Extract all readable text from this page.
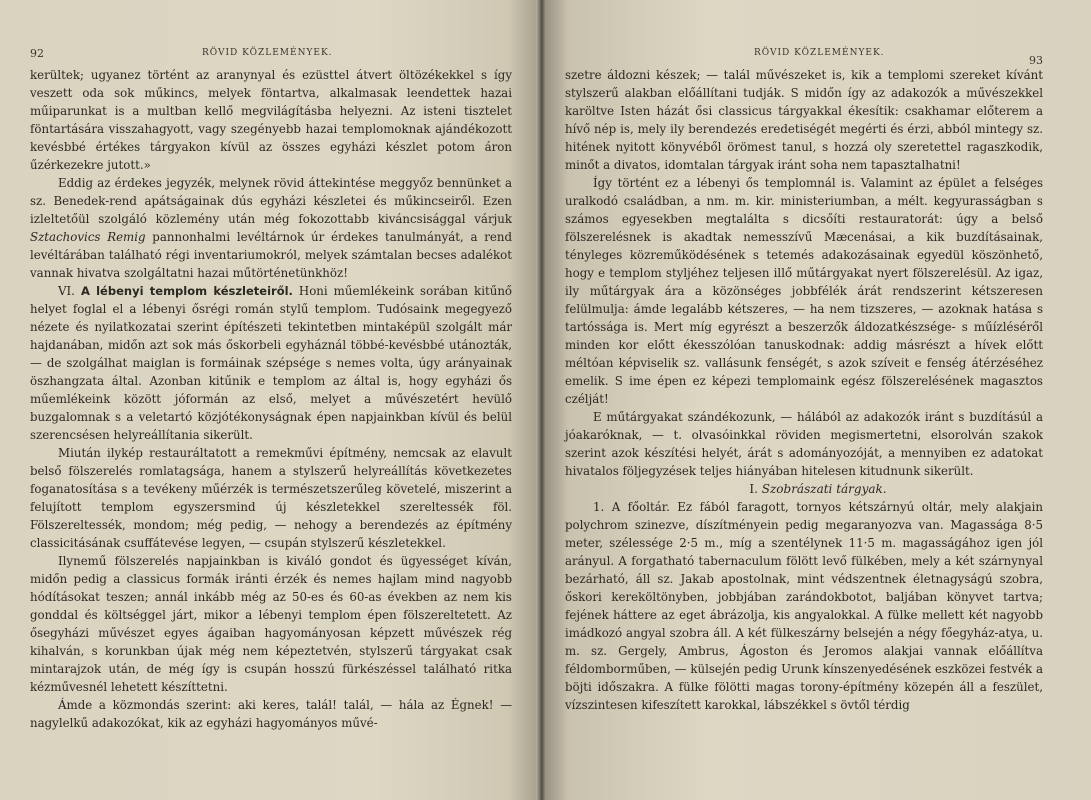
92	RÖVID KÖZLEMÉNYEK.	RÖVID KÖZLEMÉNYEK.
93

kerültek; ugyanez történt az aranynyal és ezüsttel átvert öltözékekkel s így veszett oda sok műkincs, melyek föntartva, alkalmasak leendettek hazai műiparunkat is a multban kellő megvilágításba helyezni. Az isteni tisztelet föntartására visszahagyott, vagy szegényebb hazai templomoknak ajándékozott kevésbbé értékes tárgyakon kívül az összes egyházi készlet potom áron űzérkezekre jutott.»

Eddig az érdekes jegyzék, melynek rövid áttekintése meggyőz bennünket a sz. Benedek-rend apátságainak dús egyházi készletei és műkincseiről. Ezen izleltetőül szolgáló közlemény után még fokozottabb kiváncsisággal várjuk Sztachovics Remig pannonhalmi levéltárnok úr érdekes tanulmányát, a rend levéltárában található régi inventariumokról, melyek számtalan becses adalékot vannak hivatva szolgáltatni hazai műtörténetünkhöz!

VI. A lébenyi templom készleteiről. Honi műemlékeink sorában kitűnő helyet foglal el a lébenyi ősrégi román stylű templom. Tudósaink megegyező nézete és nyilatkozatai szerint építészeti tekintetben mintaképül szolgált már hajdanában, midőn azt sok más őskorbeli egyháznál többé-kevésbbé utánozták, — de szolgálhat maiglan is formáinak szépsége s nemes volta, úgy arányainak öszhangzata által. Azonban kitűnik e templom az által is, hogy egyházi ős műemlékeink között jóformán az első, melyet a művészetért hevülő buzgalomnak s a veletartó közjótékonyságnak épen napjainkban kívül és belül szerencsésen helyreállítania sikerült.

Miután ilykép restauráltatott a remekművi építmény, nemcsak az elavult belső fölszerelés romlatagsága, hanem a stylszerű helyreállítás következetes foganatosítása s a tevékeny műérzék is természetszerűleg követelé, miszerint a felujított templom egyszersmind új készletekkel szereltessék föl. Fölszereltessék, mondom; még pedig, — nehogy a berendezés az építmény classicitásának csuffátevése legyen, — csupán stylszerű készletekkel.

Ilynemű fölszerelés napjainkban is kiváló gondot és ügyességet kíván, midőn pedig a classicus formák iránti érzék és nemes hajlam mind nagyobb hódításokat teszen; annál inkább még az 50-es és 60-as években az nem kis gonddal és költséggel járt, mikor a lébenyi templom épen fölszereltetett. Az ősegyházi művészet egyes ágaiban hagyományosan képzett művészek rég kihalván, s korunkban újak még nem képeztetvén, stylszerű tárgyakat csak mintarajzok után, de még így is csupán hosszú fürkészéssel található ritka kézművesnél lehetett készíttetni.

Ámde a közmondás szerint: aki keres, talál! talál, — hála az Égnek! — nagylelkű adakozókat, kik az egyházi hagyományos művé-

szetre áldozni készek; — talál művészeket is, kik a templomi szereket kívánt stylszerű alakban előállítani tudják. S midőn így az adakozók a művészekkel karöltve Isten házát ősi classicus tárgyakkal ékesítik: csakhamar előterem a hívő nép is, mely ily berendezés eredetiségét megérti és érzi, abból mintegy sz. hitének nyitott könyvéből örömest tanul, s hozzá oly szeretettel ragaszkodik, minőt a divatos, idomtalan tárgyak iránt soha nem tapasztalhatni!

Így történt ez a lébenyi ős templomnál is. Valamint az épület a felséges uralkodó családban, a nm. m. kir. ministeriumban, a mélt. kegyurasságban s számos egyesekben megtalálta s dicsőíti restauratorát: úgy a belső fölszerelésnek is akadtak nemesszívű Mæcenásai, a kik buzdításainak, tényleges közreműködésének s tetemés adakozásainak egyedül köszönhető, hogy e templom styljéhez teljesen illő műtárgyakat nyert fölszerelésül. Az igaz, ily műtárgyak ára a közönséges jobbfélék árát rendszerint kétszeresen felülmulja: ámde legalább kétszeres, — ha nem tizszeres, — azoknak hatása s tartóssága is. Mert míg egyrészt a beszerzők áldozatkészsége- s műízléséről minden kor előtt ékesszólóan tanuskodnak: addig másrészt a hívek előtt méltóan képviselik sz. vallásunk fenségét, s azok szíveit e fenség átérzéséhez emelik. S ime épen ez képezi templomaink egész fölszerelésének magasztos czélját!

E műtárgyakat szándékozunk, — hálából az adakozók iránt s buzdításúl a jóakaróknak, — t. olvasóinkkal röviden megismertetni, elsorolván szakok szerint azok készítési helyét, árát s adományozóját, a mennyiben ez adatokat hivatalos följegyzések teljes hiányában hitelesen kitudnunk sikerült.

I. Szobrászati tárgyak.

1. A főoltár. Ez fából faragott, tornyos kétszárnyú oltár, mely alakjain polychrom szinezve, díszítményein pedig megaranyozva van. Magassága 8·5 meter, szélessége 2·5 m., míg a szentélynek 11·5 m. magasságához igen jól arányul. A forgatható tabernaculum fölött levő fülkében, mely a két szárnynyal bezárható, áll sz. Jakab apostolnak, mint védszentnek életnagyságú szobra, őskori kereköltönyben, jobbjában zarándokbotot, baljában könyvet tartva; fejének háttere az eget ábrázolja, kis angyalokkal. A fülke mellett két nagyobb imádkozó angyal szobra áll. A két fülkeszárny belsején a négy főegyház-atya, u. m. sz. Gergely, Ambrus, Ágoston és Jeromos alakjai vannak előállítva féldomborműben, — külsején pedig Urunk kínszenyedésének eszközei festvék a böjti időszakra. A fülke fölötti magas torony-építmény közepén áll a feszület, vízszintesen kifeszített karokkal, lábszékkel s övtől térdig
